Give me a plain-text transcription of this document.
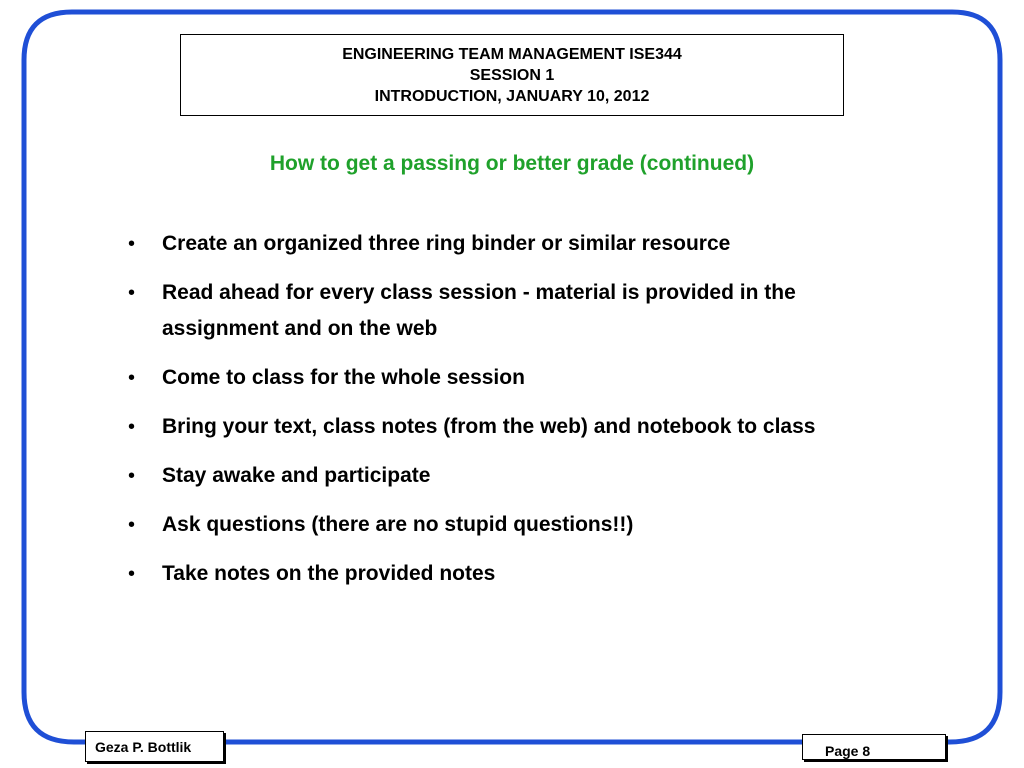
ENGINEERING TEAM MANAGEMENT ISE344
SESSION 1
INTRODUCTION, JANUARY 10, 2012
How to get a passing or better grade (continued)
•	Create an organized three ring binder or similar resource
•	Read ahead for every class session - material is provided in the assignment and on the web
•	Come to class for the whole session
•	Bring your text, class notes (from the web) and notebook to class
•	Stay awake and participate
•	Ask questions (there are no stupid questions!!)
•	Take notes on the provided notes
Geza P. Bottlik	Page 8
